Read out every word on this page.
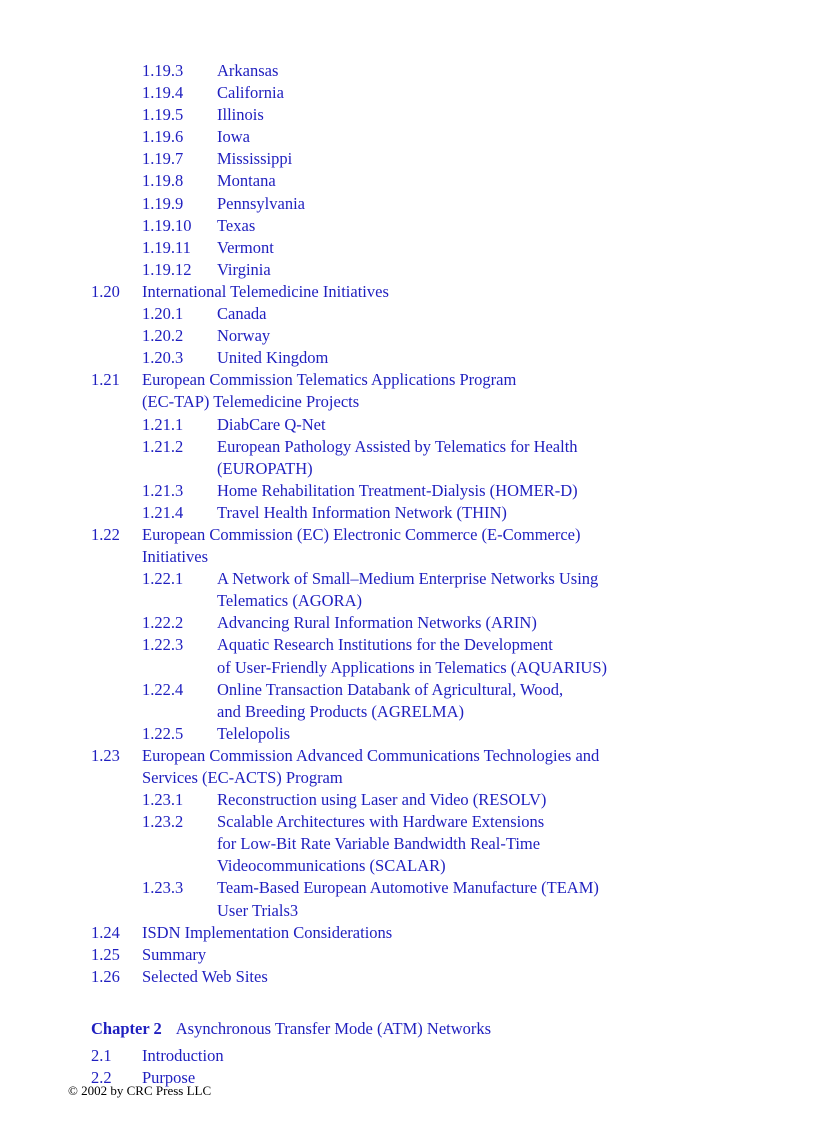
1.19.3 Arkansas
1.19.4 California
1.19.5 Illinois
1.19.6 Iowa
1.19.7 Mississippi
1.19.8 Montana
1.19.9 Pennsylvania
1.19.10 Texas
1.19.11 Vermont
1.19.12 Virginia
1.20 International Telemedicine Initiatives
1.20.1 Canada
1.20.2 Norway
1.20.3 United Kingdom
1.21 European Commission Telematics Applications Program
(EC-TAP) Telemedicine Projects
1.21.1 DiabCare Q-Net
1.21.2 European Pathology Assisted by Telematics for Health
(EUROPATH)
1.21.3 Home Rehabilitation Treatment-Dialysis (HOMER-D)
1.21.4 Travel Health Information Network (THIN)
1.22 European Commission (EC) Electronic Commerce (E-Commerce)
Initiatives
1.22.1 A Network of Small–Medium Enterprise Networks Using
Telematics (AGORA)
1.22.2 Advancing Rural Information Networks (ARIN)
1.22.3 Aquatic Research Institutions for the Development
of User-Friendly Applications in Telematics (AQUARIUS)
1.22.4 Online Transaction Databank of Agricultural, Wood,
and Breeding Products (AGRELMA)
1.22.5 Telelopolis
1.23 European Commission Advanced Communications Technologies and
Services (EC-ACTS) Program
1.23.1 Reconstruction using Laser and Video (RESOLV)
1.23.2 Scalable Architectures with Hardware Extensions
for Low-Bit Rate Variable Bandwidth Real-Time
Videocommunications (SCALAR)
1.23.3 Team-Based European Automotive Manufacture (TEAM)
User Trials3
1.24 ISDN Implementation Considerations
1.25 Summary
1.26 Selected Web Sites
Chapter 2 Asynchronous Transfer Mode (ATM) Networks
2.1 Introduction
2.2 Purpose
© 2002 by CRC Press LLC
